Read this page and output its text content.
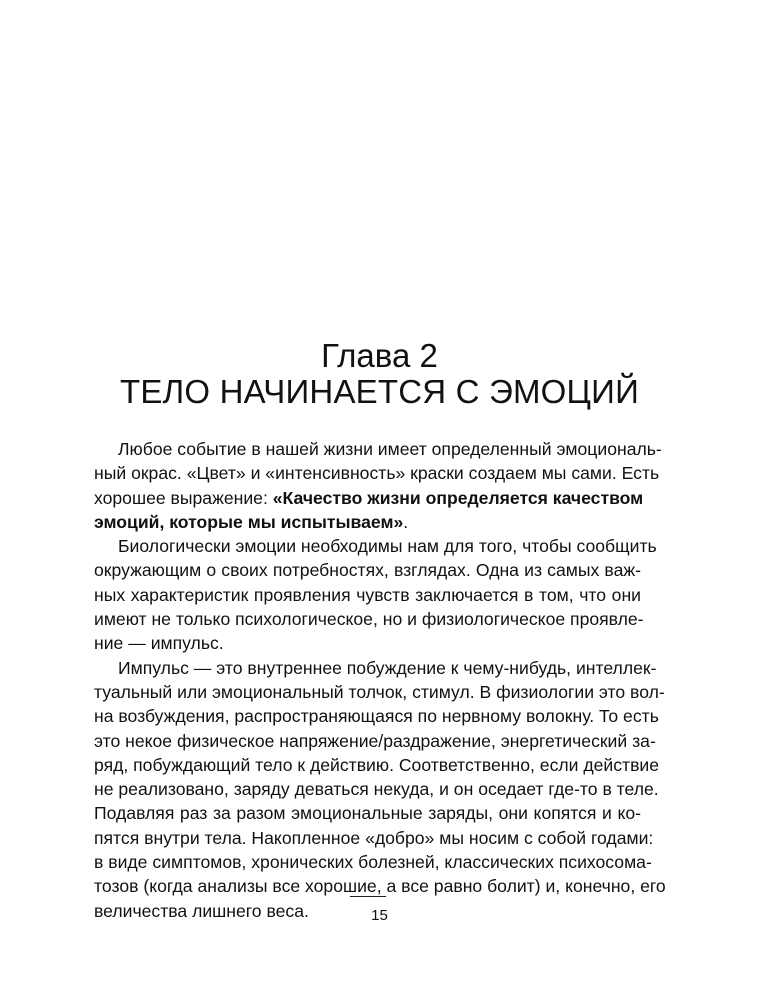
Глава 2
ТЕЛО НАЧИНАЕТСЯ С ЭМОЦИЙ
Любое событие в нашей жизни имеет определенный эмоциональ-
ный окрас. «Цвет» и «интенсивность» краски создаем мы сами. Есть
хорошее выражение: «Качество жизни определяется качеством
эмоций, которые мы испытываем».
Биологически эмоции необходимы нам для того, чтобы сообщить
окружающим о своих потребностях, взглядах. Одна из самых важ-
ных характеристик проявления чувств заключается в том, что они
имеют не только психологическое, но и физиологическое проявле-
ние — импульс.
Импульс — это внутреннее побуждение к чему-нибудь, интеллек-
туальный или эмоциональный толчок, стимул. В физиологии это вол-
на возбуждения, распространяющаяся по нервному волокну. То есть
это некое физическое напряжение/раздражение, энергетический за-
ряд, побуждающий тело к действию. Соответственно, если действие
не реализовано, заряду деваться некуда, и он оседает где-то в теле.
Подавляя раз за разом эмоциональные заряды, они копятся и ко-
пятся внутри тела. Накопленное «добро» мы носим с собой годами:
в виде симптомов, хронических болезней, классических психосома-
тозов (когда анализы все хорошие, а все равно болит) и, конечно, его
величества лишнего веса.	15
